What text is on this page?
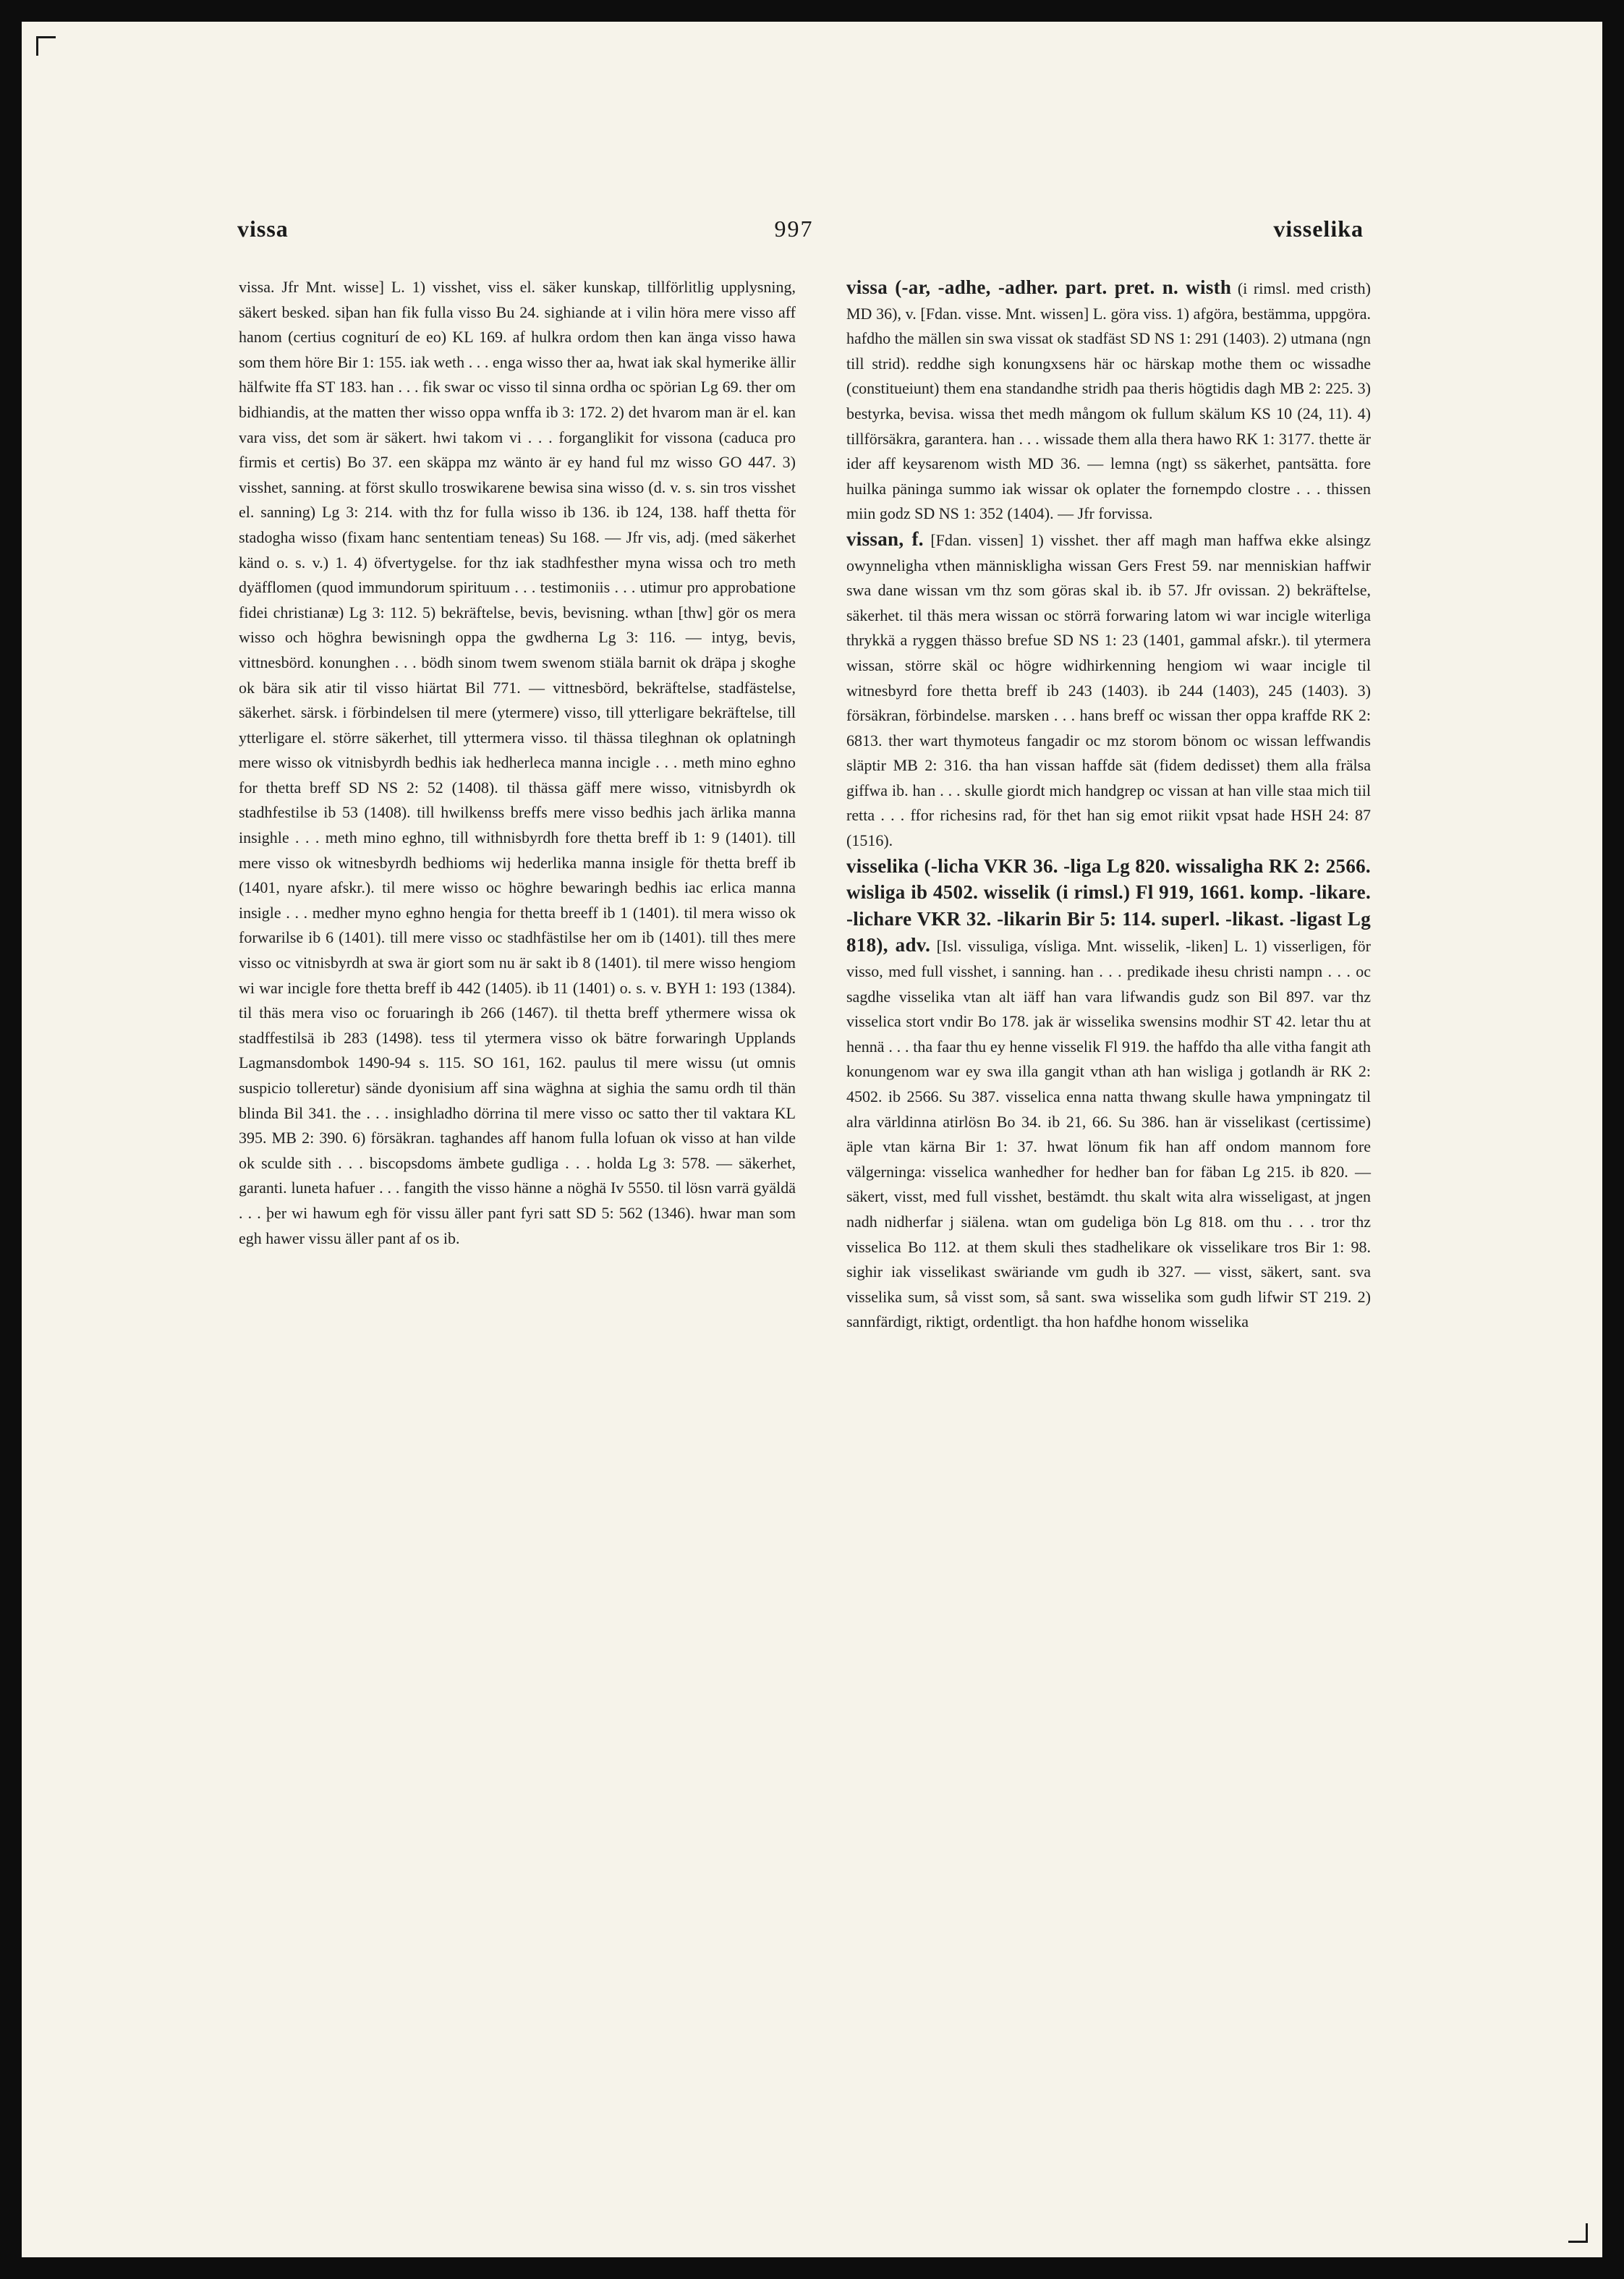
vissa	997	visselika

vissa. Jfr Mnt. wisse] L. 1) visshet, viss el. säker kunskap, tillförlitlig upplysning, säkert besked. siþan han fik fulla visso Bu 24. sighiande at i vilin höra mere visso aff hanom (certius cogniturí de eo) KL 169. af hulkra ordom then kan änga visso hawa som them höre Bir 1: 155. iak weth . . . enga wisso ther aa, hwat iak skal hymerike ällir hälfwite ffa ST 183. han . . . fik swar oc visso til sinna ordha oc spörian Lg 69. ther om bidhiandis, at the matten ther wisso oppa wnffa ib 3: 172. 2) det hvarom man är el. kan vara viss, det som är säkert. hwi takom vi . . . forganglikit for vissona (caduca pro firmis et certis) Bo 37. een skäppa mz wänto är ey hand ful mz wisso GO 447. 3) visshet, sanning. at först skullo troswikarene bewisa sina wisso (d. v. s. sin tros visshet el. sanning) Lg 3: 214. with thz for fulla wisso ib 136. ib 124, 138. haff thetta för stadogha wisso (fixam hanc sententiam teneas) Su 168. — Jfr vis, adj. (med säkerhet känd o. s. v.) 1. 4) öfvertygelse. for thz iak stadhfesther myna wissa och tro meth dyäfflomen (quod immundorum spirituum . . . testimoniis . . . utimur pro approbatione fidei christianæ) Lg 3: 112. 5) bekräftelse, bevis, bevisning. wthan [thw] gör os mera wisso och höghra bewisningh oppa the gwdherna Lg 3: 116. — intyg, bevis, vittnesbörd. konunghen . . . bödh sinom twem swenom stiäla barnit ok dräpa j skoghe ok bära sik atir til visso hiärtat Bil 771. — vittnesbörd, bekräftelse, stadfästelse, säkerhet. särsk. i förbindelsen til mere (ytermere) visso, till ytterligare bekräftelse, till ytterligare el. större säkerhet, till yttermera visso. til thässa tileghnan ok oplatningh mere wisso ok vitnisbyrdh bedhis iak hedherleca manna incigle . . . meth mino eghno for thetta breff SD NS 2: 52 (1408). til thässa gäff mere wisso, vitnisbyrdh ok stadhfestilse ib 53 (1408). till hwilkenss breffs mere visso bedhis jach ärlika manna insighle . . . meth mino eghno, till withnisbyrdh fore thetta breff ib 1: 9 (1401). till mere visso ok witnesbyrdh bedhioms wij hederlika manna insigle för thetta breff ib (1401, nyare afskr.). til mere wisso oc höghre bewaringh bedhis iac erlica manna insigle . . . medher myno eghno hengia for thetta breeff ib 1 (1401). til mera wisso ok forwarilse ib 6 (1401). till mere visso oc stadhfästilse her om ib (1401). till thes mere visso oc vitnisbyrdh at swa är giort som nu är sakt ib 8 (1401). til mere wisso hengiom wi war incigle fore thetta breff ib 442 (1405). ib 11 (1401) o. s. v. BYH 1: 193 (1384). til thäs mera viso oc foruaringh ib 266 (1467). til thetta breff ythermere wissa ok stadffestilsä ib 283 (1498). tess til ytermera visso ok bätre forwaringh Upplands Lagmansdombok 1490-94 s. 115. SO 161, 162. paulus til mere wissu (ut omnis suspicio tolleretur) sände dyonisium aff sina wäghna at sighia the samu ordh til thän blinda Bil 341. the . . . insighladho dörrina til mere visso oc satto ther til vaktara KL 395. MB 2: 390. 6) försäkran. taghandes aff hanom fulla lofuan ok visso at han vilde ok sculde sith . . . biscopsdoms ämbete gudliga . . . holda Lg 3: 578. — säkerhet, garanti. luneta hafuer . . . fangith the visso hänne a nöghä Iv 5550. til lösn varrä gyäldä . . . þer wi hawum egh för vissu äller pant fyri satt SD 5: 562 (1346). hwar man som egh hawer vissu äller pant af os ib.

vissa (-ar, -adhe, -adher. part. pret. n. wisth (i rimsl. med cristh) MD 36), v. [Fdan. visse. Mnt. wissen] L. göra viss. 1) afgöra, bestämma, uppgöra. hafdho the mällen sin swa vissat ok stadfäst SD NS 1: 291 (1403). 2) utmana (ngn till strid). reddhe sigh konungxsens här oc härskap mothe them oc wissadhe (constitueiunt) them ena standandhe stridh paa theris högtidis dagh MB 2: 225. 3) bestyrka, bevisa. wissa thet medh mångom ok fullum skälum KS 10 (24, 11). 4) tillförsäkra, garantera. han . . . wissade them alla thera hawo RK 1: 3177. thette är ider aff keysarenom wisth MD 36. — lemna (ngt) ss säkerhet, pantsätta. fore huilka päninga summo iak wissar ok oplater the fornempdo clostre . . . thissen miin godz SD NS 1: 352 (1404). — Jfr forvissa.

vissan, f. [Fdan. vissen] 1) visshet. ther aff magh man haffwa ekke alsingz owynneligha vthen människligha wissan Gers Frest 59. nar menniskian haffwir swa dane wissan vm thz som göras skal ib. ib 57. Jfr ovissan. 2) bekräftelse, säkerhet. til thäs mera wissan oc störrä forwaring latom wi war incigle witerliga thrykkä a ryggen thässo brefue SD NS 1: 23 (1401, gammal afskr.). til ytermera wissan, större skäl oc högre widhirkenning hengiom wi waar incigle til witnesbyrd fore thetta breff ib 243 (1403). ib 244 (1403), 245 (1403). 3) försäkran, förbindelse. marsken . . . hans breff oc wissan ther oppa kraffde RK 2: 6813. ther wart thymoteus fangadir oc mz storom bönom oc wissan leffwandis släptir MB 2: 316. tha han vissan haffde sät (fidem dedisset) them alla frälsa giffwa ib. han . . . skulle giordt mich handgrep oc vissan at han ville staa mich tiil retta . . . ffor richesins rad, för thet han sig emot riikit vpsat hade HSH 24: 87 (1516).

visselika (-licha VKR 36. -liga Lg 820. wissaligha RK 2: 2566. wisliga ib 4502. wisselik (i rimsl.) Fl 919, 1661. komp. -likare. -lichare VKR 32. -likarin Bir 5: 114. superl. -likast. -ligast Lg 818), adv. [Isl. vissuliga, vísliga. Mnt. wisselik, -liken] L. 1) visserligen, för visso, med full visshet, i sanning. han . . . predikade ihesu christi nampn . . . oc sagdhe visselika vtan alt iäff han vara lifwandis gudz son Bil 897. var thz visselica stort vndir Bo 178. jak är wisselika swensins modhir ST 42. letar thu at hennä . . . tha faar thu ey henne visselik Fl 919. the haffdo tha alle vitha fangit ath konungenom war ey swa illa gangit vthan ath han wisliga j gotlandh är RK 2: 4502. ib 2566. Su 387. visselica enna natta thwang skulle hawa ympningatz til alra världinna atirlösn Bo 34. ib 21, 66. Su 386. han är visselikast (certissime) äple vtan kärna Bir 1: 37. hwat lönum fik han aff ondom mannom fore välgerninga: visselica wanhedher for hedher ban for fäban Lg 215. ib 820. — säkert, visst, med full visshet, bestämdt. thu skalt wita alra wisseligast, at jngen nadh nidherfar j siälena. wtan om gudeliga bön Lg 818. om thu . . . tror thz visselica Bo 112. at them skuli thes stadhelikare ok visselikare tros Bir 1: 98. sighir iak visselikast swäriande vm gudh ib 327. — visst, säkert, sant. sva visselika sum, så visst som, så sant. swa wisselika som gudh lifwir ST 219. 2) sannfärdigt, riktigt, ordentligt. tha hon hafdhe honom wisselika
